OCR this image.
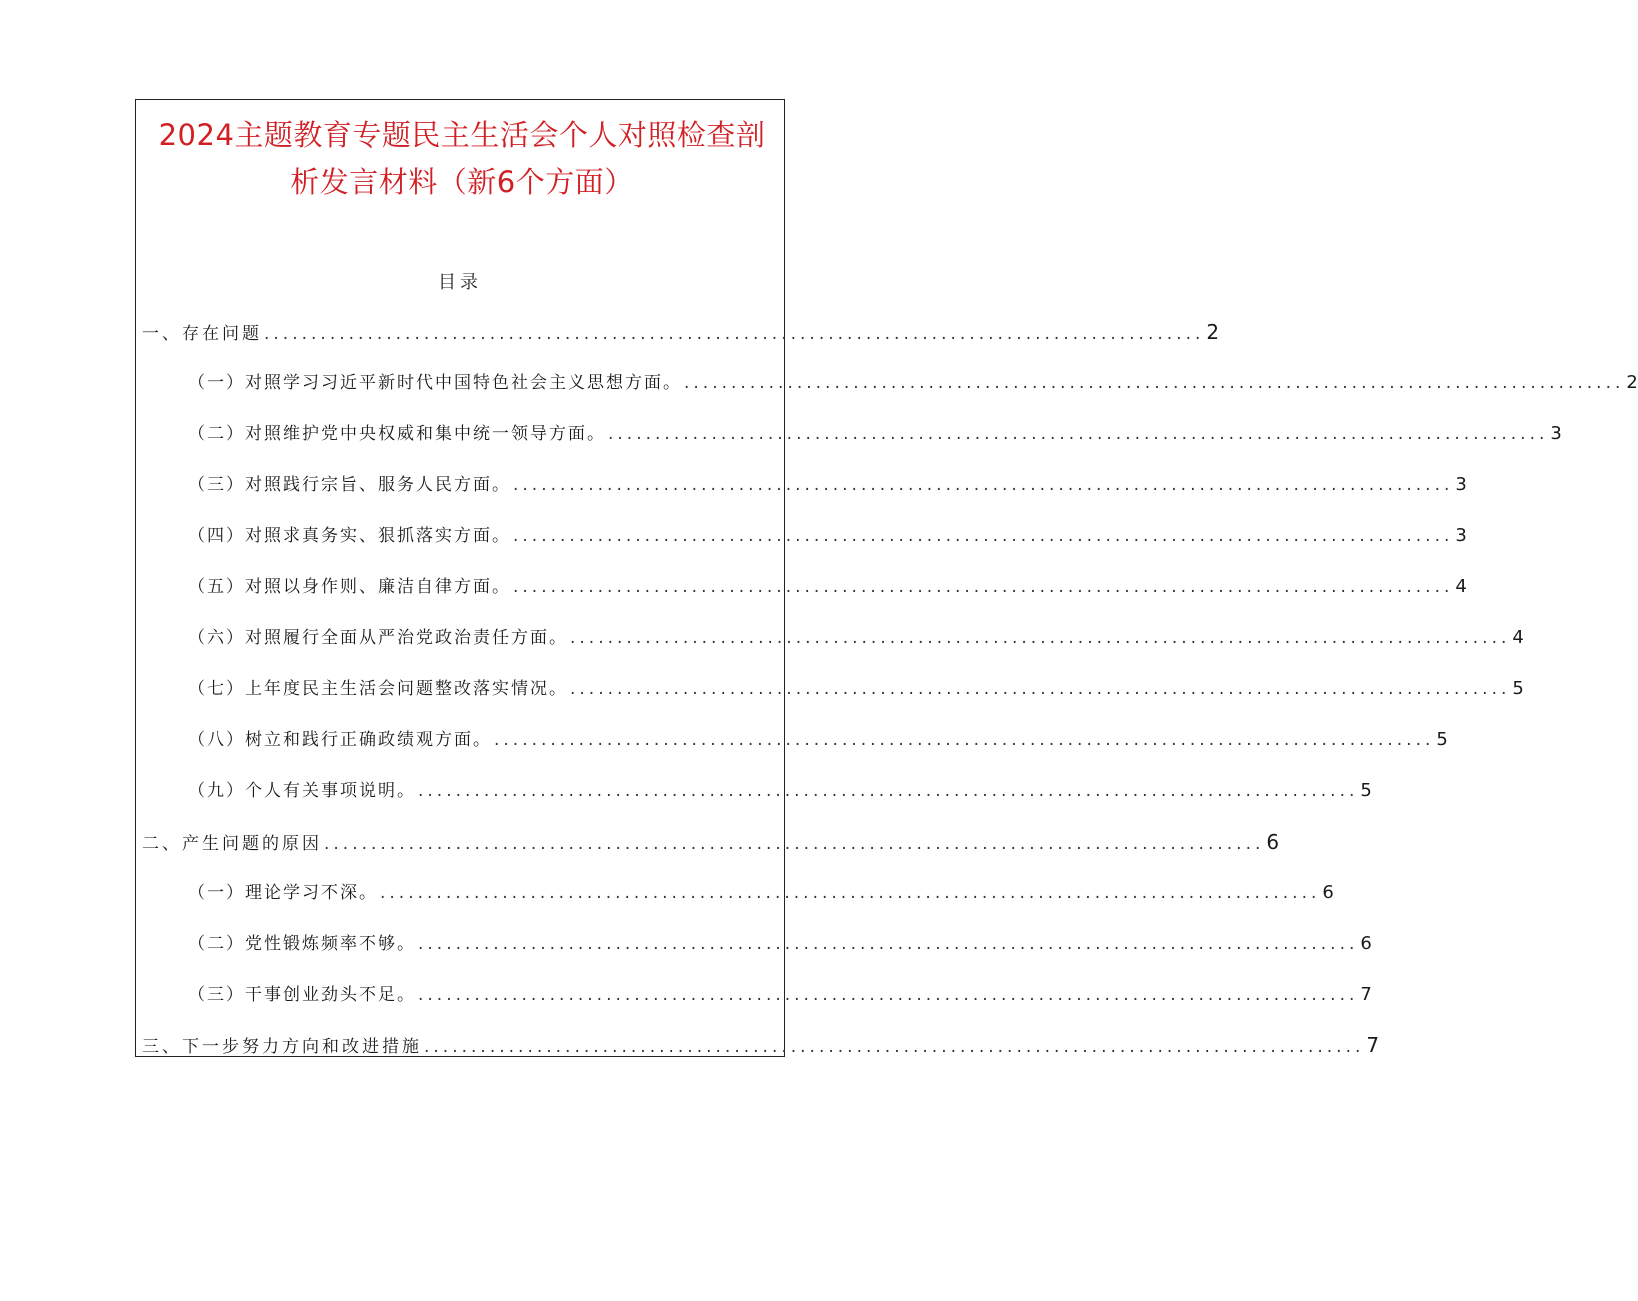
2024主题教育专题民主生活会个人对照检查剖析发言材料（新6个方面）
目录
一、存在问题 .................................................................................................... 2
（一）对照学习习近平新时代中国特色社会主义思想方面。 .................................................................................................... 2
（二）对照维护党中央权威和集中统一领导方面。 .................................................................................................... 3
（三）对照践行宗旨、服务人民方面。 .................................................................................................... 3
（四）对照求真务实、狠抓落实方面。 .................................................................................................... 3
（五）对照以身作则、廉洁自律方面。 .................................................................................................... 4
（六）对照履行全面从严治党政治责任方面。 .................................................................................................... 4
（七）上年度民主生活会问题整改落实情况。 .................................................................................................... 5
（八）树立和践行正确政绩观方面。 .................................................................................................... 5
（九）个人有关事项说明。 .................................................................................................... 5
二、产生问题的原因 .................................................................................................... 6
（一）理论学习不深。 .................................................................................................... 6
（二）党性锻炼频率不够。 .................................................................................................... 6
（三）干事创业劲头不足。 .................................................................................................... 7
三、下一步努力方向和改进措施 .................................................................................................... 7
